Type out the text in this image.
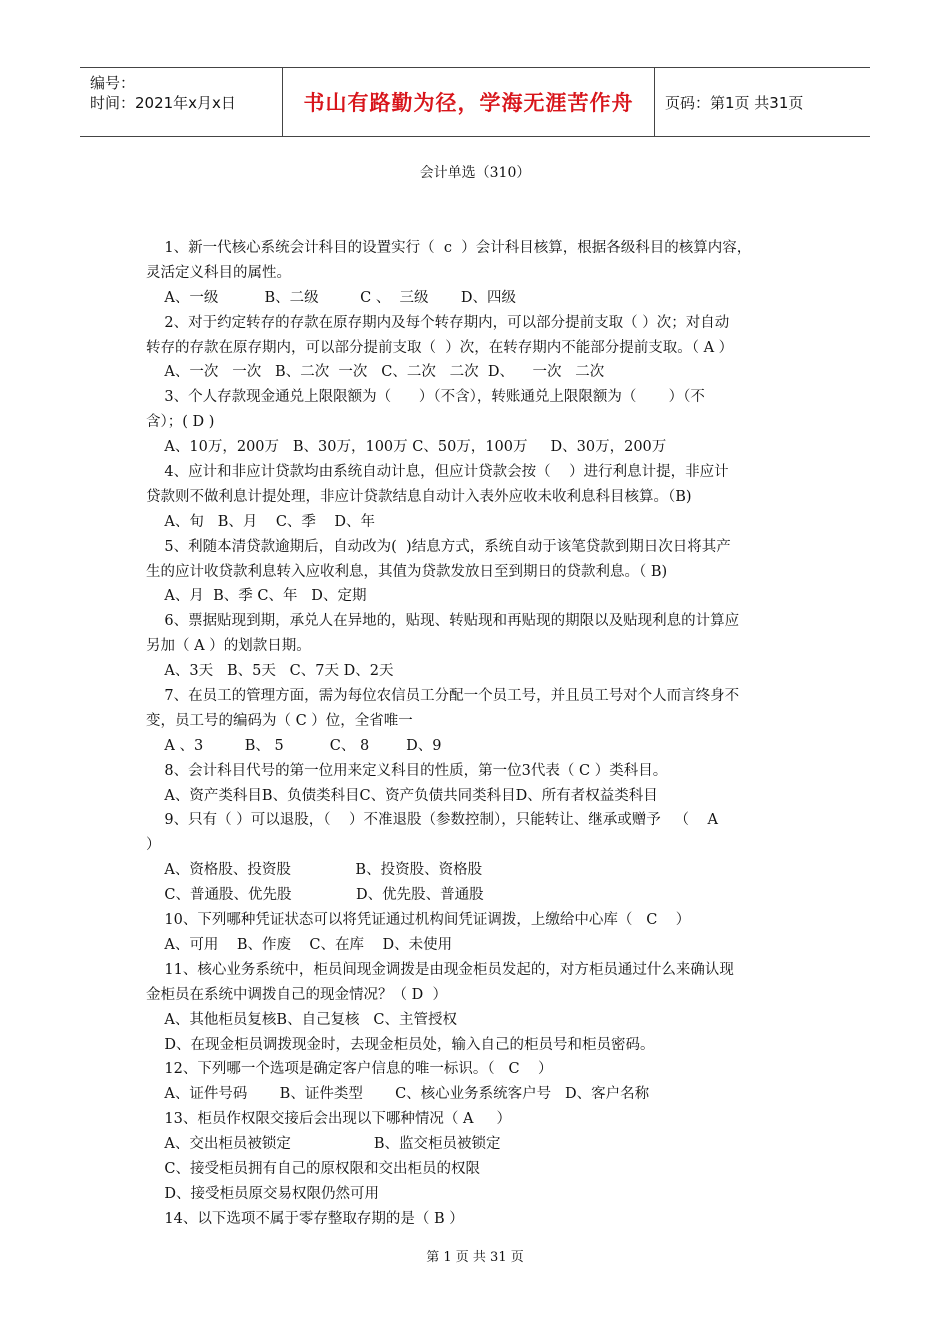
编号：
时间：2021年x月x日	书山有路勤为径，学海无涯苦作舟 页码：第1页 共31页
会计单选（310）
1、新一代核心系统会计科目的设置实行（  c  ）会计科目核算，根据各级科目的核算内容，
灵活定义科目的属性。
A、一级          B、二级         C 、  三级       D、四级
2、对于约定转存的存款在原存期内及每个转存期内，可以部分提前支取（ ）次；对自动
转存的存款在原存期内，可以部分提前支取（  ）次，在转存期内不能部分提前支取。（ A ）
A、一次   一次   B、二次  一次   C、二次   二次  D、    一次   二次
3、个人存款现金通兑上限限额为（      ）（不含），转账通兑上限限额为（       ）（不
含）；( D )
A、10万，200万   B、30万，100万 C、50万，100万     D、30万，200万
4、应计和非应计贷款均由系统自动计息，但应计贷款会按（    ）进行利息计提，非应计
贷款则不做利息计提处理，非应计贷款结息自动计入表外应收未收利息科目核算。（B)
A、旬   B、月    C、季    D、年
5、利随本清贷款逾期后，自动改为(  )结息方式，系统自动于该笔贷款到期日次日将其产
生的应计收贷款利息转入应收利息，其值为贷款发放日至到期日的贷款利息。（ B)
A、月  B、季 C、年   D、定期
6、票据贴现到期，承兑人在异地的，贴现、转贴现和再贴现的期限以及贴现利息的计算应
另加（ A ）的划款日期。
A、3天   B、5天   C、7天 D、2天
7、在员工的管理方面，需为每位农信员工分配一个员工号，并且员工号对个人而言终身不
变，员工号的编码为（ C ）位，全省唯一
A 、3         B、 5          C、 8        D、9
8、会计科目代号的第一位用来定义科目的性质，第一位3代表（ C ）类科目。
A、资产类科目B、负债类科目C、资产负债共同类科目D、所有者权益类科目
9、只有（ ）可以退股，（    ）不准退股（参数控制），只能转让、继承或赠予   （    A
）
A、资格股、投资股              B、投资股、资格股
C、普通股、优先股              D、优先股、普通股
10、下列哪种凭证状态可以将凭证通过机构间凭证调拨，上缴给中心库（   C    ）
A、可用    B、作废    C、在库    D、未使用
11、核心业务系统中，柜员间现金调拨是由现金柜员发起的，对方柜员通过什么来确认现
金柜员在系统中调拨自己的现金情况？（ D  ）
A、其他柜员复核B、自己复核   C、主管授权
D、在现金柜员调拨现金时，去现金柜员处，输入自己的柜员号和柜员密码。
12、下列哪一个选项是确定客户信息的唯一标识。（   C    ）
A、证件号码       B、证件类型       C、核心业务系统客户号   D、客户名称
13、柜员作权限交接后会出现以下哪种情况（ A     ）
A、交出柜员被锁定                  B、监交柜员被锁定
C、接受柜员拥有自己的原权限和交出柜员的权限
D、接受柜员原交易权限仍然可用
14、以下选项不属于零存整取存期的是（ B ）
第 1 页 共 31 页
